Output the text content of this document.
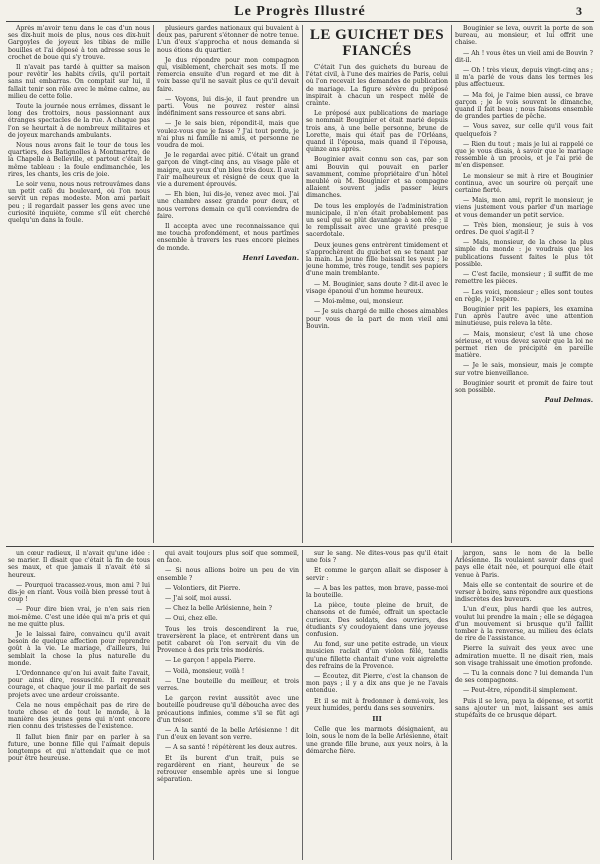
Le Progrès Illustré	3

Après m'avoir tenu dans le cas d'un nous ses dix-huit mois de plus, nous ces dix-huit Gargoyles de joyeux les tibias de mille bouilles et l'ai déposé à ton adresse sous le crochet de boue qui s'y trouve.

Il n'avait pas tardé à quitter sa maison pour revêtir les habits civils, qu'il portait sans nul embarras. On comptait sur lui, il fallait tenir son rôle avec le même calme, au milieu de cette folie.

Toute la journée nous errâmes, dissant le long des trottoirs, nous passionnant aux étranges spectacles de la rue. A chaque pas l'on se heurtait à de nombreux militaires et de joyeux marchands ambulants.

Nous nous avons fait le tour de tous les quartiers, des Batignolles à Montmartre, de la Chapelle à Belleville, et partout c'était le même tableau : la foule endimanchée, les rires, les chants, les cris de joie.

Le soir venu, nous nous retrouvâmes dans un petit café du boulevard, où l'on nous servit un repas modeste. Mon ami parlait peu ; il regardait passer les gens avec une curiosité inquiète, comme s'il eût cherché quelqu'un dans la foule.

plusieurs gardes nationaux qui buvaient à deux pas, parurent s'étonner de notre tenue. L'un d'eux s'approcha et nous demanda si nous étions du quartier.

Je dus répondre pour mon compagnon qui, visiblement, cherchait ses mots. Il me remercia ensuite d'un regard et me dit à voix basse qu'il ne savait plus ce qu'il devait faire.

— Voyons, lui dis-je, il faut prendre un parti. Vous ne pouvez rester ainsi indéfiniment sans ressource et sans abri.

— Je le sais bien, répondit-il, mais que voulez-vous que je fasse ? J'ai tout perdu, je n'ai plus ni famille ni amis, et personne ne voudra de moi.

Je le regardai avec pitié. C'était un grand garçon de vingt-cinq ans, au visage pâle et maigre, aux yeux d'un bleu très doux. Il avait l'air malheureux et résigné de ceux que la vie a durement éprouvés.

— Eh bien, lui dis-je, venez avec moi. J'ai une chambre assez grande pour deux, et nous verrons demain ce qu'il conviendra de faire.

Il accepta avec une reconnaissance qui me toucha profondément, et nous partîmes ensemble à travers les rues encore pleines de monde.

Henri Lavedan.
LE GUICHET DES FIANCÉS

C'était l'un des guichets du bureau de l'état civil, à l'une des mairies de Paris, celui où l'on recevait les demandes de publication de mariage. La figure sévère du préposé inspirait à chacun un respect mêlé de crainte.

Le préposé aux publications de mariage se nommait Bouginier et était marié depuis trois ans, à une belle personne, brune de Lorette, mais qui était pas de l'Orléans, quand il l'épousa, mais quand il l'épousa, quinze ans après.

Bouginier avait connu son cas, par son ami Bouvin qui pouvait en parler savamment, comme propriétaire d'un hôtel meublé où M. Bouginier et sa compagne allaient souvent jadis passer leurs dimanches.

De tous les employés de l'administration municipale, il n'en était probablement pas un seul qui se plût davantage à son rôle ; il le remplissait avec une gravité presque sacerdotale.

Deux jeunes gens entrèrent timidement et s'approchèrent du guichet en se tenant par la main. La jeune fille baissait les yeux ; le jeune homme, très rouge, tendit ses papiers d'une main tremblante.

— M. Bouginier, sans doute ? dit-il avec le visage épanoui d'un homme heureux.

— Moi-même, oui, monsieur.

— Je suis chargé de mille choses aimables pour vous de la part de mon vieil ami Bouvin.

Bouginier se leva, ouvrit la porte de son bureau, au monsieur, et lui offrit une chaise.

— Ah ! vous êtes un vieil ami de Bouvin ? dit-il.

— Oh ! très vieux, depuis vingt-cinq ans ; il m'a parlé de vous dans les termes les plus affectueux.

— Ma foi, je l'aime bien aussi, ce brave garçon ; je le vois souvent le dimanche, quand il fait beau ; nous faisons ensemble de grandes parties de pêche.

— Vous savez, sur celle qu'il vous fait quelquefois ?

— Rien du tout ; mais je lui ai rappelé ce que je vous disais, à savoir que le mariage ressemble à un procès, et je l'ai prié de m'en dispenser.

Le monsieur se mit à rire et Bouginier continua, avec un sourire où perçait une certaine fierté.

— Mais, mon ami, reprit le monsieur, je viens justement vous parler d'un mariage et vous demander un petit service.

— Très bien, monsieur, je suis à vos ordres. De quoi s'agit-il ?

— Mais, monsieur, de la chose la plus simple du monde : je voudrais que les publications fussent faites le plus tôt possible.

— C'est facile, monsieur ; il suffit de me remettre les pièces.

— Les voici, monsieur ; elles sont toutes en règle, je l'espère.

Bouginier prit les papiers, les examina l'un après l'autre avec une attention minutieuse, puis releva la tête.

— Mais, monsieur, c'est là une chose sérieuse, et vous devez savoir que la loi ne permet rien de précipité en pareille matière.

— Je le sais, monsieur, mais je compte sur votre bienveillance.

Bouginier sourit et promit de faire tout son possible.

Paul Delmas.

un cœur radieux, il n'avait qu'une idée : se marier. Il disait que c'était la fin de tous ses maux, et que jamais il n'avait été si heureux.

— Pourquoi tracassez-vous, mon ami ? lui dis-je en riant. Vous voilà bien pressé tout à coup !

— Pour dire bien vrai, je n'en sais rien moi-même. C'est une idée qui m'a pris et qui ne me quitte plus.

Je le laissai faire, convaincu qu'il avait besoin de quelque affection pour reprendre goût à la vie. Le mariage, d'ailleurs, lui semblait la chose la plus naturelle du monde.

L'Ordonnance qu'on lui avait faite l'avait, pour ainsi dire, ressuscité. Il reprenait courage, et chaque jour il me parlait de ses projets avec une ardeur croissante.

Cela ne nous empêchait pas de rire de toute chose et de tout le monde, à la manière des jeunes gens qui n'ont encore rien connu des tristesses de l'existence.

Il fallut bien finir par en parler à sa future, une bonne fille qui l'aimait depuis longtemps et qui n'attendait que ce mot pour être heureuse.

qui avait toujours plus soif que sommeil, en face.

— Si nous allions boire un peu de vin ensemble ?

— Volontiers, dit Pierre.

— J'ai soif, moi aussi.

— Chez la belle Arlésienne, hein ?

— Oui, chez elle.

Tous les trois descendirent la rue, traversèrent la place, et entrèrent dans un petit cabaret où l'on servait du vin de Provence à des prix très modérés.

— Le garçon ! appela Pierre.

— Voilà, monsieur, voilà !

— Une bouteille du meilleur, et trois verres.

Le garçon revint aussitôt avec une bouteille poudreuse qu'il déboucha avec des précautions infinies, comme s'il se fût agi d'un trésor.

— A la santé de la belle Arlésienne ! dit l'un d'eux en levant son verre.

— A sa santé ! répétèrent les deux autres.

Et ils burent d'un trait, puis se regardèrent en riant, heureux de se retrouver ensemble après une si longue séparation.

sur le sang. Ne dites-vous pas qu'il était une fois ?

Et comme le garçon allait se disposer à servir :

— A bas les pattes, mon brave, passe-moi la bouteille.

La pièce, toute pleine de bruit, de chansons et de fumée, offrait un spectacle curieux. Des soldats, des ouvriers, des étudiants s'y coudoyaient dans une joyeuse confusion.

Au fond, sur une petite estrade, un vieux musicien raclait d'un violon fêlé, tandis qu'une fillette chantait d'une voix aigrelette des refrains de la Provence.

— Écoutez, dit Pierre, c'est la chanson de mon pays ; il y a dix ans que je ne l'avais entendue.

Et il se mit à fredonner à demi-voix, les yeux humides, perdu dans ses souvenirs.

III

Celle que les marmots désignaient, au loin, sous le nom de la belle Arlésienne, était une grande fille brune, aux yeux noirs, à la démarche fière.

jargon, sans le nom de la belle Arlésienne. Ils voulaient savoir dans quel pays elle était née, et pourquoi elle était venue à Paris.

Mais elle se contentait de sourire et de verser à boire, sans répondre aux questions indiscrètes des buveurs.

L'un d'eux, plus hardi que les autres, voulut lui prendre la main ; elle se dégagea d'un mouvement si brusque qu'il faillit tomber à la renverse, au milieu des éclats de rire de l'assistance.

Pierre la suivait des yeux avec une admiration muette. Il ne disait rien, mais son visage trahissait une émotion profonde.

— Tu la connais donc ? lui demanda l'un de ses compagnons.

— Peut-être, répondit-il simplement.

Puis il se leva, paya la dépense, et sortit sans ajouter un mot, laissant ses amis stupéfaits de ce brusque départ.
